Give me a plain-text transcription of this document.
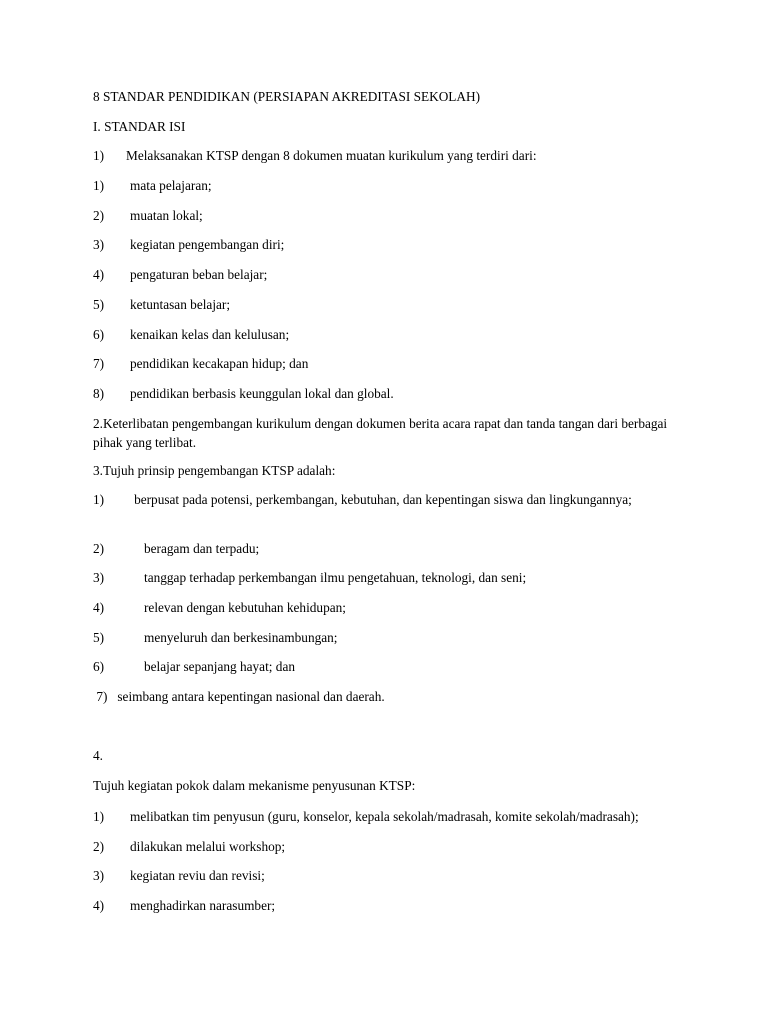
8 STANDAR PENDIDIKAN (PERSIAPAN AKREDITASI SEKOLAH)
I. STANDAR ISI
1) Melaksanakan KTSP dengan 8 dokumen muatan kurikulum yang terdiri dari:
1) mata pelajaran;
2) muatan lokal;
3) kegiatan pengembangan diri;
4) pengaturan beban belajar;
5) ketuntasan belajar;
6) kenaikan kelas dan kelulusan;
7) pendidikan kecakapan hidup; dan
8) pendidikan berbasis keunggulan lokal dan global.
2.Keterlibatan pengembangan kurikulum dengan dokumen berita acara rapat dan tanda tangan dari berbagai pihak yang terlibat.
3.Tujuh prinsip pengembangan KTSP adalah:
1) berpusat pada potensi, perkembangan, kebutuhan, dan kepentingan siswa dan lingkungannya;
2)	beragam dan terpadu;
3)	tanggap terhadap perkembangan ilmu pengetahuan, teknologi, dan seni;
4)	relevan dengan kebutuhan kehidupan;
5)	menyeluruh dan berkesinambungan;
6)	belajar sepanjang hayat; dan
7)   seimbang antara kepentingan nasional dan daerah.
4.
Tujuh kegiatan pokok dalam mekanisme penyusunan KTSP:
1) melibatkan tim penyusun (guru, konselor, kepala sekolah/madrasah, komite sekolah/madrasah);
2) dilakukan melalui workshop;
3) kegiatan reviu dan revisi;
4) menghadirkan narasumber;
